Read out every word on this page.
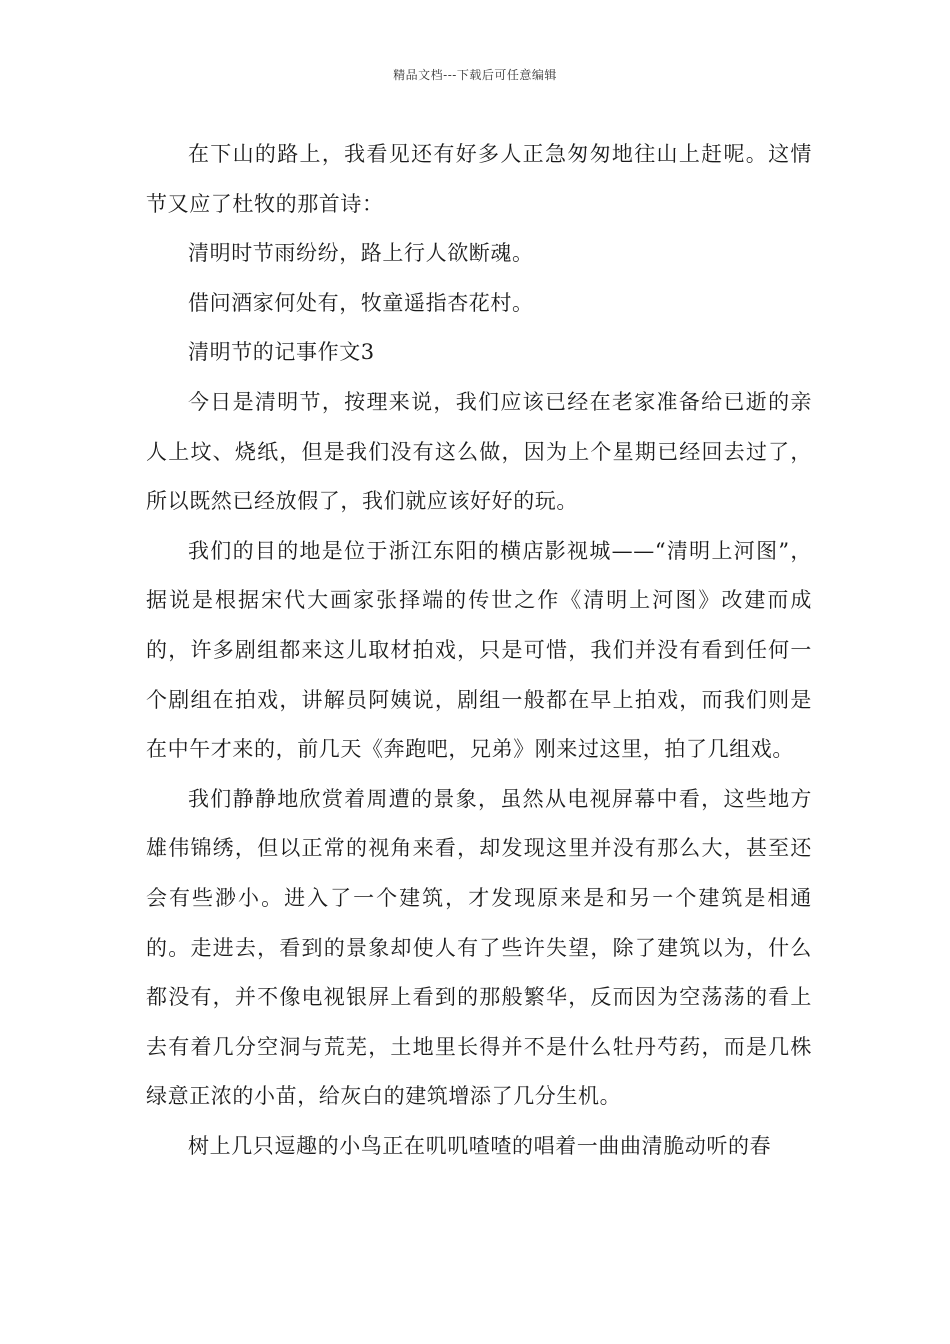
精品文档---下载后可任意编辑

在下山的路上，我看见还有好多人正急匆匆地往山上赶呢。这情节又应了杜牧的那首诗：

清明时节雨纷纷，路上行人欲断魂。

借问酒家何处有，牧童遥指杏花村。

清明节的记事作文3

今日是清明节，按理来说，我们应该已经在老家准备给已逝的亲人上坟、烧纸，但是我们没有这么做，因为上个星期已经回去过了，所以既然已经放假了，我们就应该好好的玩。

我们的目的地是位于浙江东阳的横店影视城——“清明上河图”，据说是根据宋代大画家张择端的传世之作《清明上河图》改建而成的，许多剧组都来这儿取材拍戏，只是可惜，我们并没有看到任何一个剧组在拍戏，讲解员阿姨说，剧组一般都在早上拍戏，而我们则是在中午才来的，前几天《奔跑吧，兄弟》刚来过这里，拍了几组戏。

我们静静地欣赏着周遭的景象，虽然从电视屏幕中看，这些地方雄伟锦绣，但以正常的视角来看，却发现这里并没有那么大，甚至还会有些渺小。进入了一个建筑，才发现原来是和另一个建筑是相通的。走进去，看到的景象却使人有了些许失望，除了建筑以为，什么都没有，并不像电视银屏上看到的那般繁华，反而因为空荡荡的看上去有着几分空洞与荒芜，土地里长得并不是什么牡丹芍药，而是几株绿意正浓的小苗，给灰白的建筑增添了几分生机。

树上几只逗趣的小鸟正在叽叽喳喳的唱着一曲曲清脆动听的春
